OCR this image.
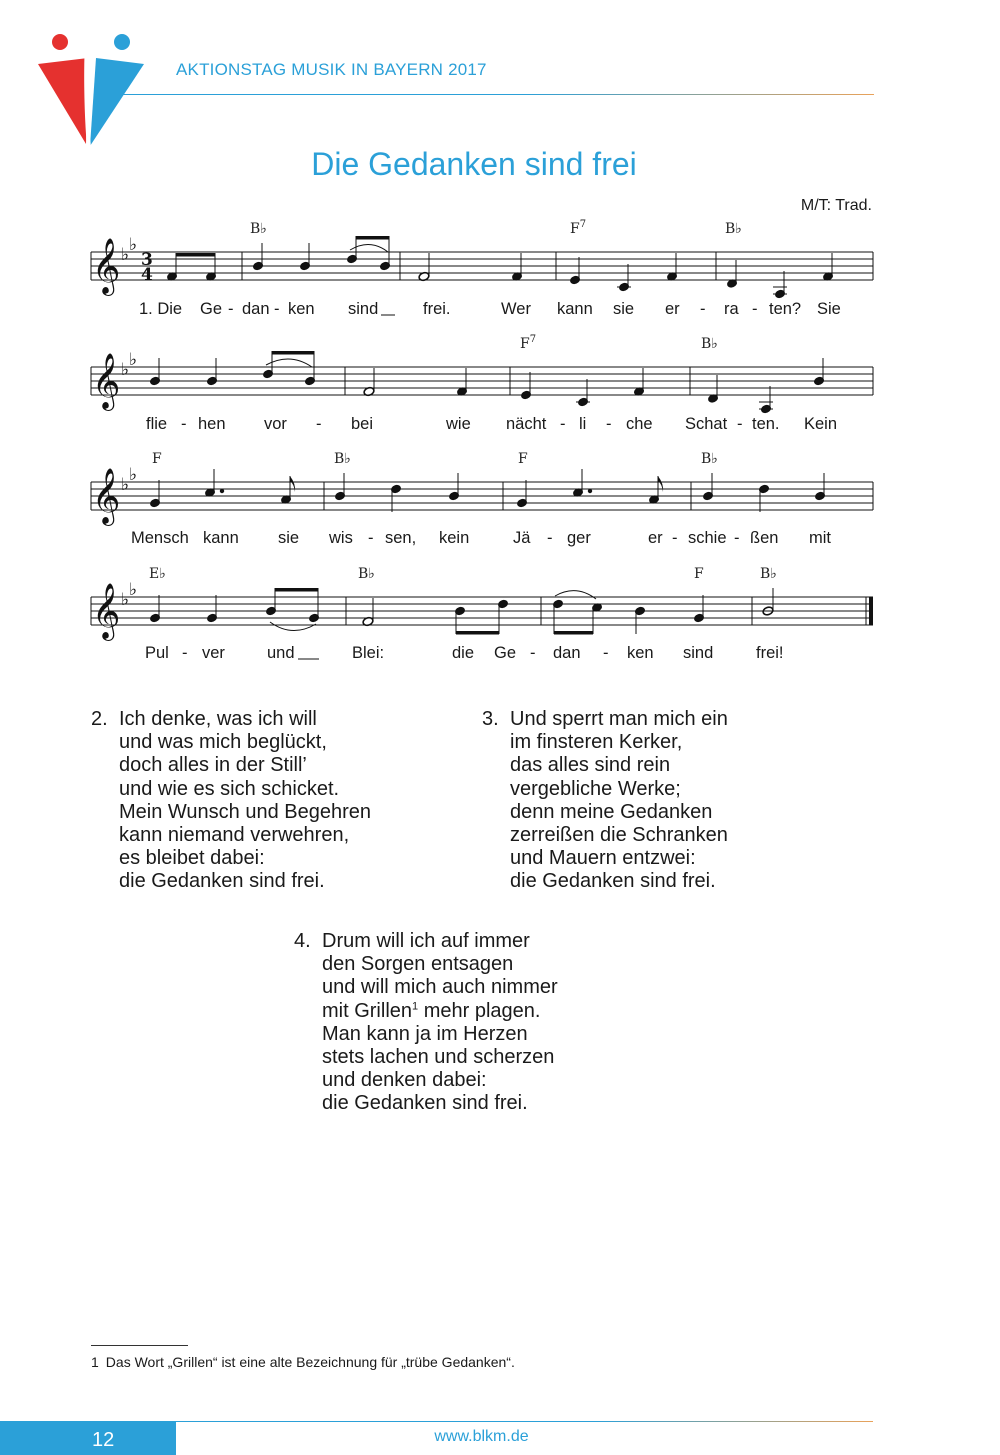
AKTIONSTAG MUSIK IN BAYERN 2017
Die Gedanken sind frei
M/T: Trad.
𝄞 ♭ ♭
3
4
B♭	$F^7$	B♭
1. Die Ge - dan - ken sind	frei.	Wer kann sie er - ra - ten? Sie
𝄞 ♭ ♭
$F^7$	B♭
flie - hen vor - bei	wie nächt - li - che Schat - ten. Kein
𝄞 ♭ ♭
F	B♭	F	B♭
Mensch kann sie wis - sen, kein	Jä - ger	er - schie - ßen mit
𝄞 ♭ ♭
E♭	B♭	F	B♭
Pul - ver	und	Blei:	die Ge - dan - ken sind	frei!
2. Ich denke, was ich will
und was mich beglückt,
doch alles in der Still’
und wie es sich schicket.
Mein Wunsch und Begehren
kann niemand verwehren,
es bleibet dabei:
die Gedanken sind frei.
3. Und sperrt man mich ein
im finsteren Kerker,
das alles sind rein
vergebliche Werke;
denn meine Gedanken
zerreißen die Schranken
und Mauern entzwei:
die Gedanken sind frei.
4. Drum will ich auf immer
den Sorgen entsagen
und will mich auch nimmer
mit Grillen$^1$ mehr plagen.
Man kann ja im Herzen
stets lachen und scherzen
und denken dabei:
die Gedanken sind frei.
1 Das Wort „Grillen“ ist eine alte Bezeichnung für „trübe Gedanken“.
12	www.blkm.de
